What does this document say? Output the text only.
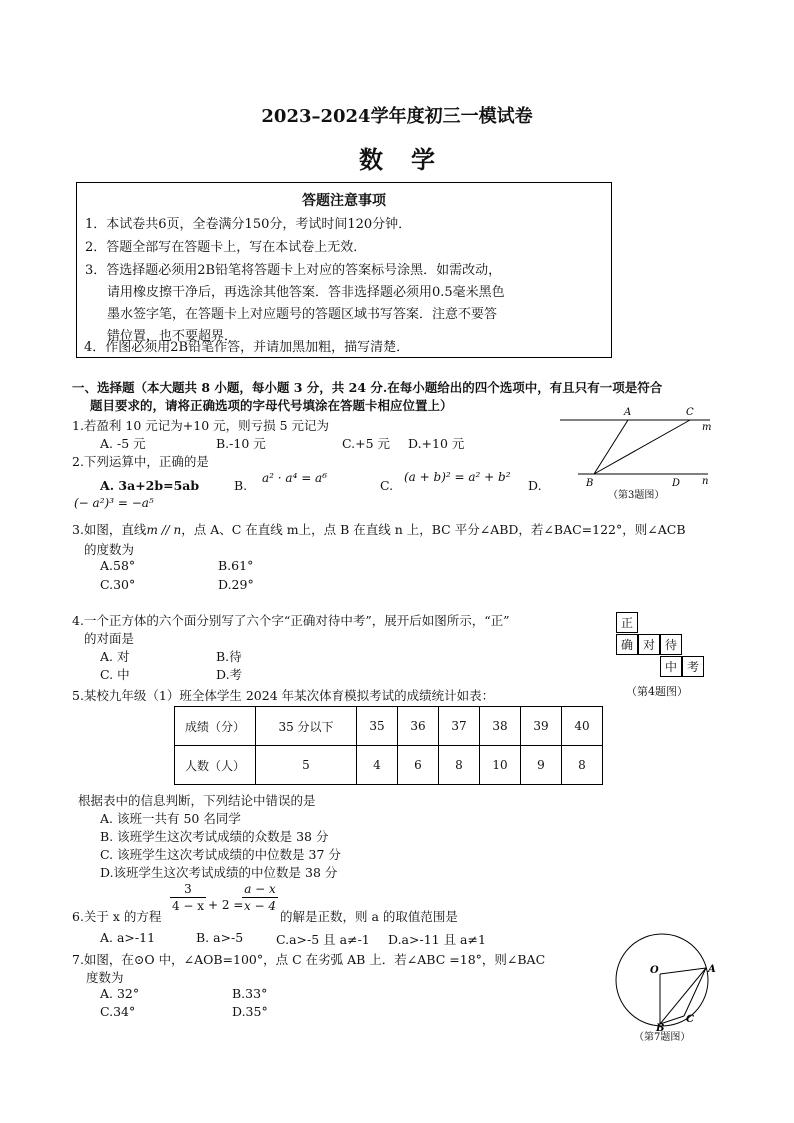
2023–2024学年度初三一模试卷
数学
答题注意事项
1．本试卷共6页，全卷满分150分，考试时间120分钟．
2．答题全部写在答题卡上，写在本试卷上无效．
3．答选择题必须用2B铅笔将答题卡上对应的答案标号涂黑．如需改动，
请用橡皮擦干净后，再选涂其他答案．答非选择题必须用0.5毫米黑色
墨水签字笔，在答题卡上对应题号的答题区域书写答案．注意不要答
错位置，也不要超界．
4．作图必须用2B铅笔作答，并请加黑加粗，描写清楚．
一、选择题（本大题共 8 小题，每小题 3 分，共 24 分.在每小题给出的四个选项中，有且只有一项是符合
题目要求的，请将正确选项的字母代号填涂在答题卡相应位置上）
1.若盈利 10 元记为+10 元，则亏损 5 元记为
A. -5 元	B.-10 元	C.+5 元 D.+10 元
A	C
m
B	D n
（第3题图）
2.下列运算中，正确的是
A. 3a+2b=5ab	B. a² · a⁴ = a⁶	C.
(a + b)² = a² + b²
D.
(− a²)³ = −a⁵
3.如图，直线m // n，点 A、C 在直线 m上，点 B 在直线 n 上，BC 平分∠ABD，若∠BAC=122°，则∠ACB
的度数为
A.58°	B.61°
C.30°	D.29°
4.一个正方体的六个面分别写了六个字“正确对待中考”，展开后如图所示，“正”
的对面是
A. 对	B.待
C. 中	D.考
正
确 对 待
中 考
（第4题图）
5.某校九年级（1）班全体学生 2024 年某次体育模拟考试的成绩统计如表：
成绩（分）	35 分以下	35	36	37	38	39	40
人数（人）	5	4	6	8	10	9	8
根据表中的信息判断，下列结论中错误的是
A. 该班一共有 50 名同学
B. 该班学生这次考试成绩的众数是 38 分
C. 该班学生这次考试成绩的中位数是 37 分
D.该班学生这次考试成绩的中位数是 38 分
6.关于 x 的方程
3
4 − x + 2 =
a − x
x − 4
的解是正数，则 a 的取值范围是
A. a>-11	B. a>-5	C.a>-5 且 a≠-1 D.a>-11 且 a≠1
7.如图，在⊙O 中，∠AOB=100°，点 C 在劣弧 AB 上．若∠ABC =18°，则∠BAC
度数为
A. 32°	B.33°
C.34°	D.35°
O	A
B
C
（第7题图）
